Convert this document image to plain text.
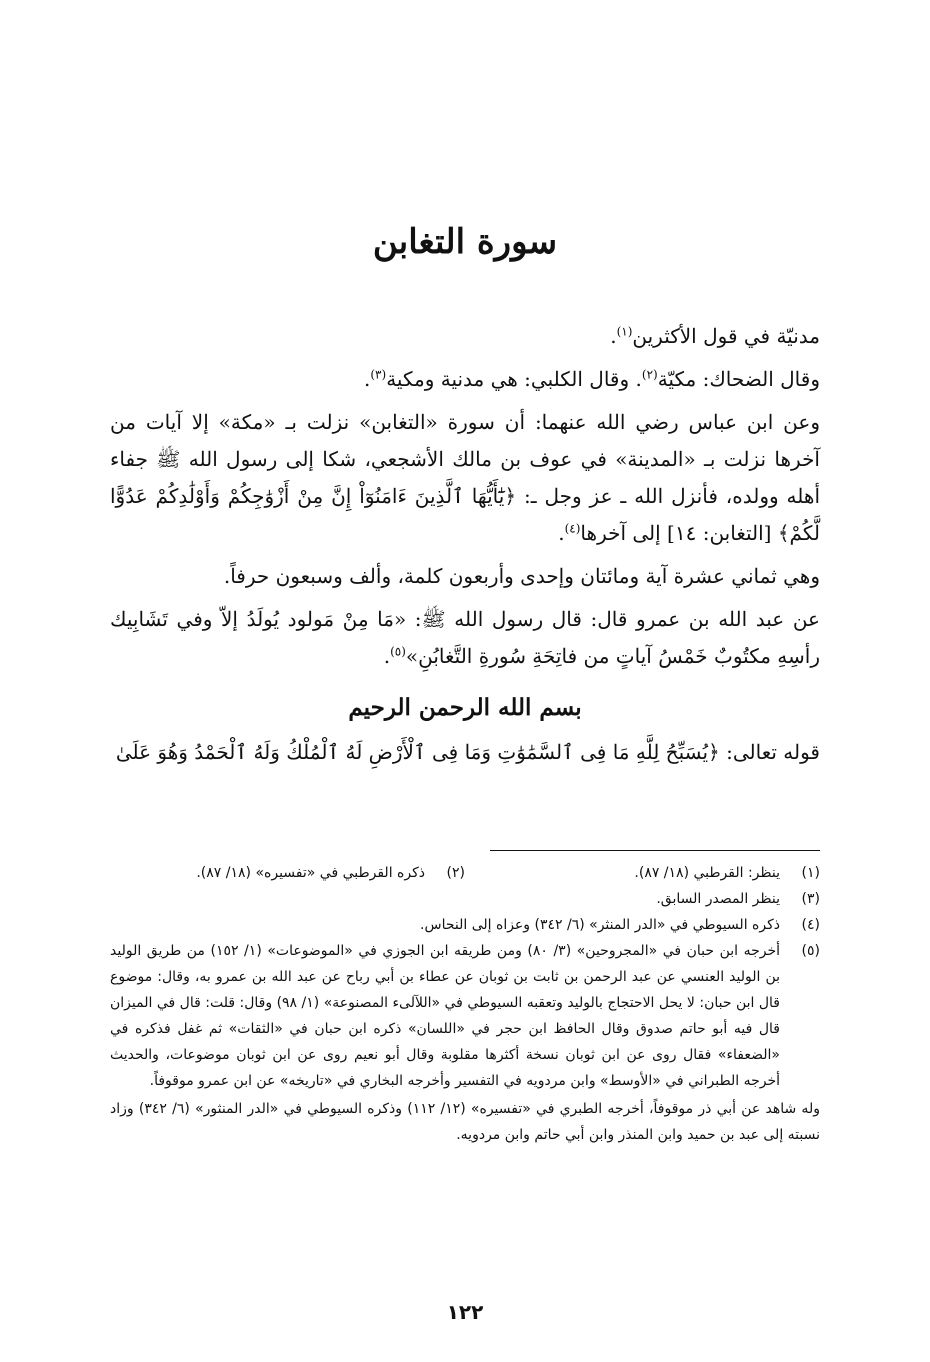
سورة التغابن

مدنيّة في قول الأكثرين$^{(١)}$.

وقال الضحاك: مكيّة$^{(٢)}$. وقال الكلبي: هي مدنية ومكية$^{(٣)}$.

وعن ابن عباس رضي الله عنهما: أن سورة «التغابن» نزلت بـ «مكة» إلا آيات من آخرها نزلت بـ «المدينة» في عوف بن مالك الأشجعي، شكا إلى رسول الله ﷺ جفاء أهله وولده، فأنزل الله ـ عز وجل ـ: ﴿يَٰٓأَيُّهَا ٱلَّذِينَ ءَامَنُوٓاْ إِنَّ مِنْ أَزْوَٰجِكُمْ وَأَوْلَٰدِكُمْ عَدُوًّا لَّكُمْ﴾ [التغابن: ١٤] إلى آخرها$^{(٤)}$.

وهي ثماني عشرة آية ومائتان وإحدى وأربعون كلمة، وألف وسبعون حرفاً.

عن عبد الله بن عمرو قال: قال رسول الله ﷺ: «مَا مِنْ مَولود يُولَدُ إلاّ وفي تَشَابِيك رأسِهِ مكتُوبٌ خَمْسُ آياتٍ من فاتِحَةِ سُورةِ التَّغابُنِ»$^{(٥)}$.

بسم الله الرحمن الرحيم

قوله تعالى: ﴿يُسَبِّحُ لِلَّهِ مَا فِى ٱلسَّمَٰوَٰتِ وَمَا فِى ٱلْأَرْضِ لَهُ ٱلْمُلْكُ وَلَهُ ٱلْحَمْدُ وَهُوَ عَلَىٰ

(١)
ينظر: القرطبي (١٨/ ٨٧).
(٢)
ذكره القرطبي في «تفسيره» (١٨/ ٨٧).
(٣)
ينظر المصدر السابق.
(٤)
ذكره السيوطي في «الدر المنثر» (٦/ ٣٤٢) وعزاه إلى النحاس.
(٥)
أخرجه ابن حبان في «المجروحين» (٣/ ٨٠) ومن طريقه ابن الجوزي في «الموضوعات» (١/ ١٥٢) من طريق الوليد بن الوليد العنسي عن عبد الرحمن بن ثابت بن ثوبان عن عطاء بن أبي رباح عن عبد الله بن عمرو به، وقال: موضوع قال ابن حبان: لا يحل الاحتجاج بالوليد وتعقبه السيوطي في «اللآلىء المصنوعة» (١/ ٩٨) وقال: قلت: قال في الميزان قال فيه أبو حاتم صدوق وقال الحافظ ابن حجر في «اللسان» ذكره ابن حبان في «الثقات» ثم غفل فذكره في «الضعفاء» فقال روى عن ابن ثوبان نسخة أكثرها مقلوبة وقال أبو نعيم روى عن ابن ثوبان موضوعات، والحديث أخرجه الطبراني في «الأوسط» وابن مردويه في التفسير وأخرجه البخاري في «تاريخه» عن ابن عمرو موقوفاً.
وله شاهد عن أبي ذر موقوفاً، أخرجه الطبري في «تفسيره» (١٢/ ١١٢) وذكره السيوطي في «الدر المنثور» (٦/ ٣٤٢) وزاد نسبته إلى عبد بن حميد وابن المنذر وابن أبي حاتم وابن مردويه.
١٢٢
